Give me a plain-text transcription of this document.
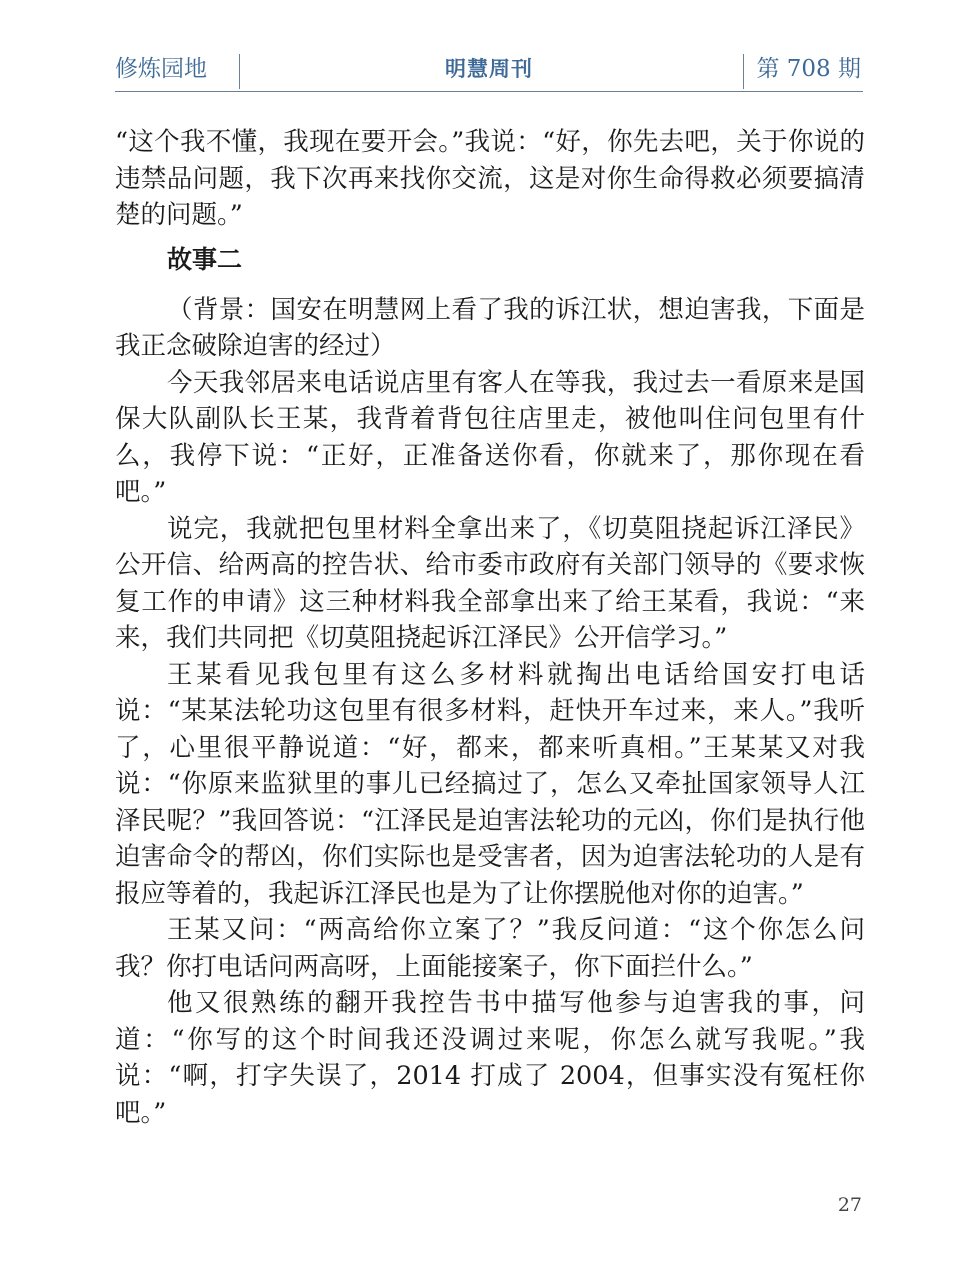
修炼园地	明慧周刊	第 708 期

“这个我不懂，我现在要开会。”我说：“好，你先去吧，关于你说的违禁品问题，我下次再来找你交流，这是对你生命得救必须要搞清楚的问题。”

故事二

（背景：国安在明慧网上看了我的诉江状，想迫害我，下面是我正念破除迫害的经过）

今天我邻居来电话说店里有客人在等我，我过去一看原来是国保大队副队长王某，我背着背包往店里走，被他叫住问包里有什么，我停下说：“正好，正准备送你看，你就来了，那你现在看吧。”

说完，我就把包里材料全拿出来了，《切莫阻挠起诉江泽民》公开信、给两高的控告状、给市委市政府有关部门领导的《要求恢复工作的申请》这三种材料我全部拿出来了给王某看，我说：“来来，我们共同把《切莫阻挠起诉江泽民》公开信学习。”

王某看见我包里有这么多材料就掏出电话给国安打电话说：“某某法轮功这包里有很多材料，赶快开车过来，来人。”我听了，心里很平静说道：“好，都来，都来听真相。”王某某又对我说：“你原来监狱里的事儿已经搞过了，怎么又牵扯国家领导人江泽民呢？”我回答说：“江泽民是迫害法轮功的元凶，你们是执行他迫害命令的帮凶，你们实际也是受害者，因为迫害法轮功的人是有报应等着的，我起诉江泽民也是为了让你摆脱他对你的迫害。”

王某又问：“两高给你立案了？”我反问道：“这个你怎么问我？你打电话问两高呀，上面能接案子，你下面拦什么。”

他又很熟练的翻开我控告书中描写他参与迫害我的事，问道：“你写的这个时间我还没调过来呢，你怎么就写我呢。”我说：“啊，打字失误了，2014 打成了 2004，但事实没有冤枉你吧。”

27
